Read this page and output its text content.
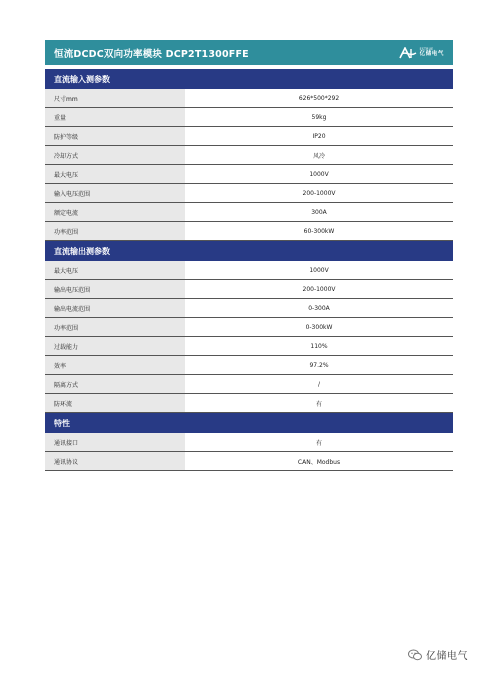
恒流DCDC双向功率模块 DCP2T1300FFE	ESTRUE
亿储电气
直流输入测参数
尺寸mm	626*500*292
重量	59kg
防护等级	IP20
冷却方式	风冷
最大电压	1000V
输入电压范围	200-1000V
额定电流	300A
功率范围	60-300kW
直流输出测参数
最大电压	1000V
输出电压范围	200-1000V
输出电流范围	0-300A
功率范围	0-300kW
过载能力	110%
效率	97.2%
隔离方式	/
防环流	有
特性
通讯接口	有
通讯协议	CAN、Modbus
亿储电气
